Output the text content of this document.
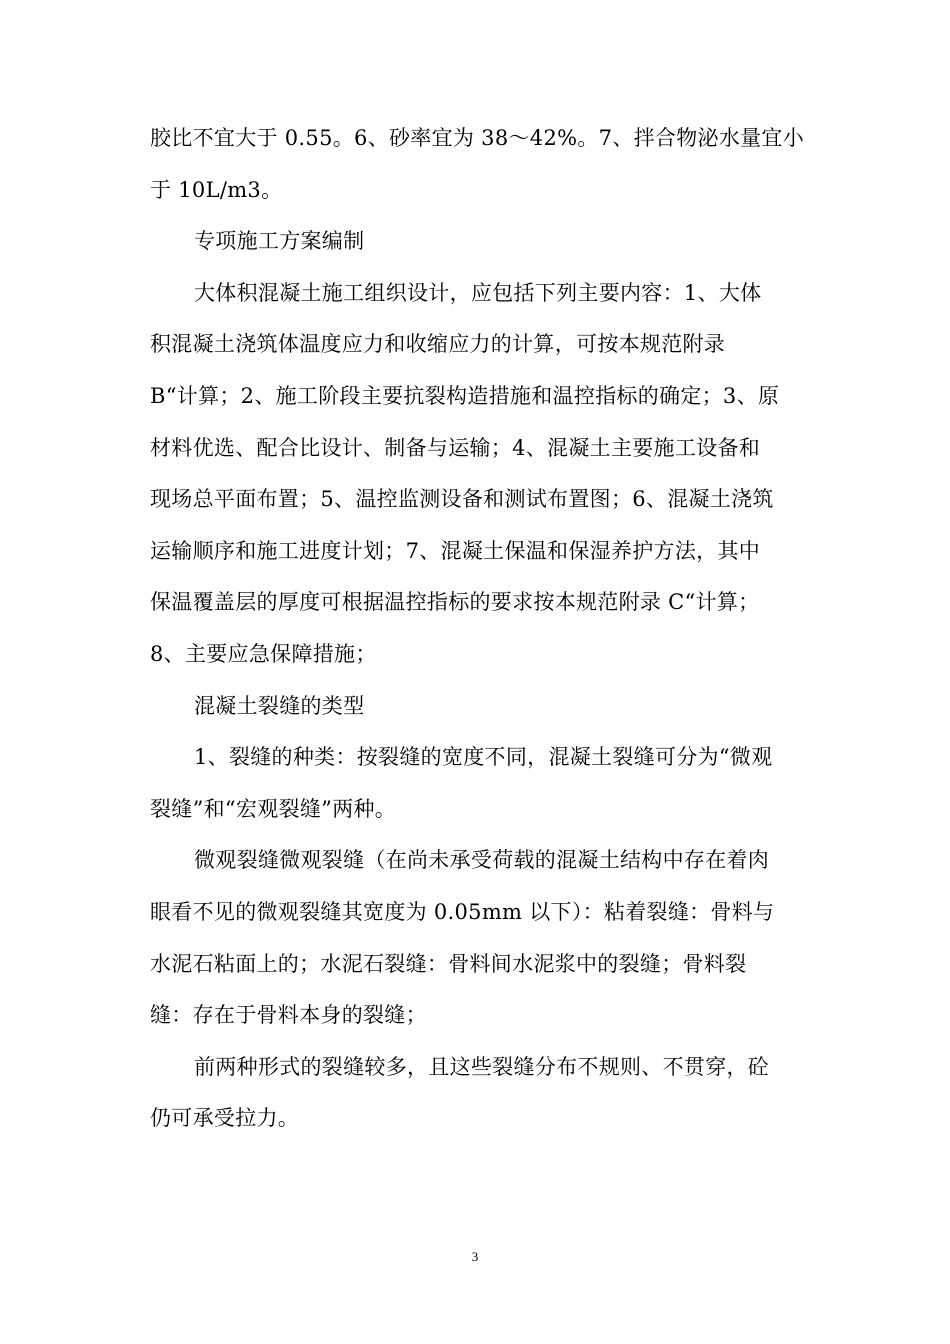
胶比不宜大于 0.55。6、砂率宜为 38～42%。7、拌合物泌水量宜小
于 10L/m3。
专项施工方案编制
大体积混凝土施工组织设计，应包括下列主要内容：1、大体
积混凝土浇筑体温度应力和收缩应力的计算，可按本规范附录
B“计算；2、施工阶段主要抗裂构造措施和温控指标的确定；3、原
材料优选、配合比设计、制备与运输；4、混凝土主要施工设备和
现场总平面布置；5、温控监测设备和测试布置图；6、混凝土浇筑
运输顺序和施工进度计划；7、混凝土保温和保湿养护方法，其中
保温覆盖层的厚度可根据温控指标的要求按本规范附录 C“计算；
8、主要应急保障措施；
混凝土裂缝的类型
1、裂缝的种类：按裂缝的宽度不同，混凝土裂缝可分为“微观
裂缝”和“宏观裂缝”两种。
微观裂缝微观裂缝（在尚未承受荷载的混凝土结构中存在着肉
眼看不见的微观裂缝其宽度为 0.05mm 以下）：粘着裂缝：骨料与
水泥石粘面上的；水泥石裂缝：骨料间水泥浆中的裂缝；骨料裂
缝：存在于骨料本身的裂缝；
前两种形式的裂缝较多，且这些裂缝分布不规则、不贯穿，砼
仍可承受拉力。
3
